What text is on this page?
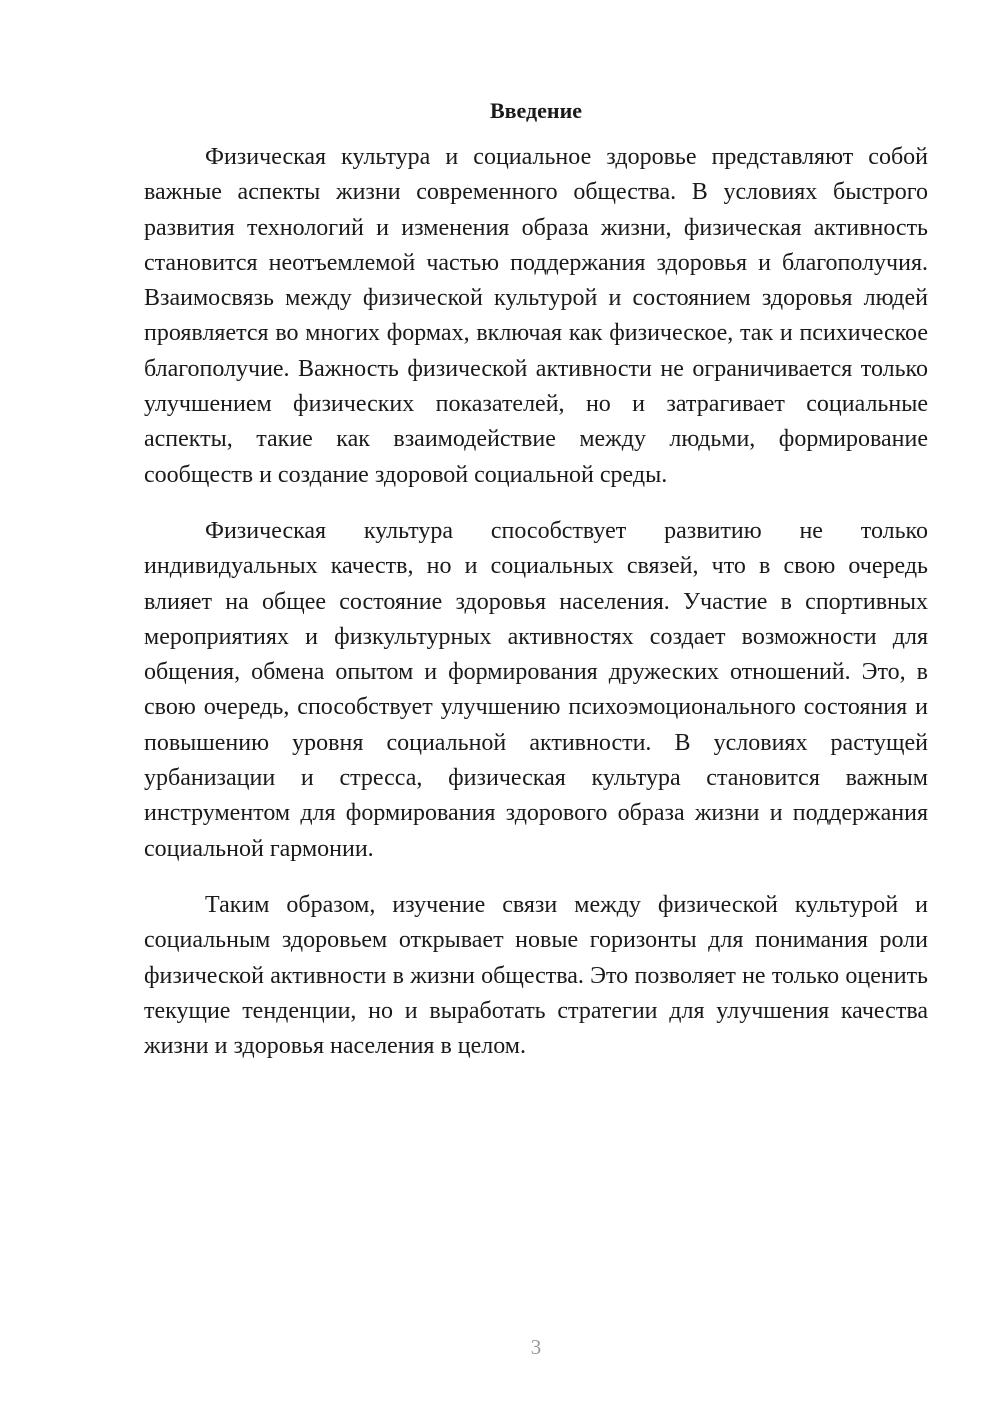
Введение

Физическая культура и социальное здоровье представляют собой важные аспекты жизни современного общества. В условиях быстрого развития технологий и изменения образа жизни, физическая активность становится неотъемлемой частью поддержания здоровья и благополучия. Взаимосвязь между физической культурой и состоянием здоровья людей проявляется во многих формах, включая как физическое, так и психическое благополучие. Важность физической активности не ограничивается только улучшением физических показателей, но и затрагивает социальные аспекты, такие как взаимодействие между людьми, формирование сообществ и создание здоровой социальной среды.

Физическая культура способствует развитию не только индивидуальных качеств, но и социальных связей, что в свою очередь влияет на общее состояние здоровья населения. Участие в спортивных мероприятиях и физкультурных активностях создает возможности для общения, обмена опытом и формирования дружеских отношений. Это, в свою очередь, способствует улучшению психоэмоционального состояния и повышению уровня социальной активности. В условиях растущей урбанизации и стресса, физическая культура становится важным инструментом для формирования здорового образа жизни и поддержания социальной гармонии.

Таким образом, изучение связи между физической культурой и социальным здоровьем открывает новые горизонты для понимания роли физической активности в жизни общества. Это позволяет не только оценить текущие тенденции, но и выработать стратегии для улучшения качества жизни и здоровья населения в целом.

3
